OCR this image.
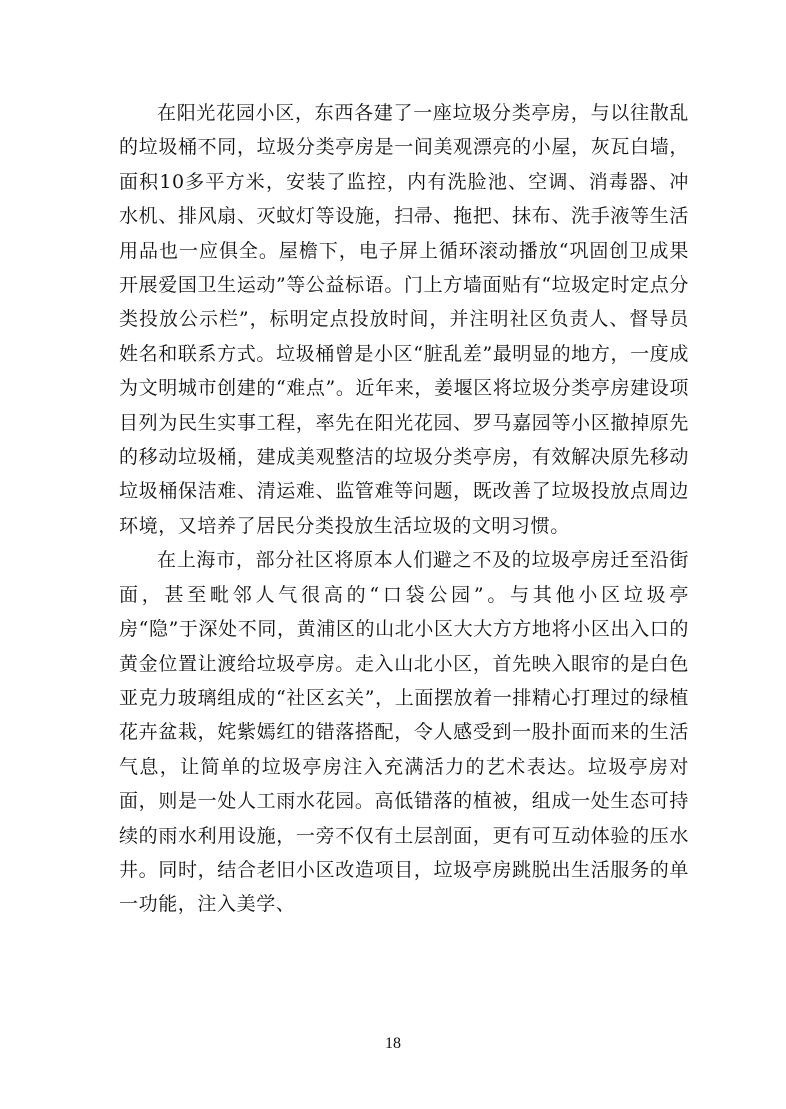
在阳光花园小区，东西各建了一座垃圾分类亭房，与以往散乱的垃圾桶不同，垃圾分类亭房是一间美观漂亮的小屋，灰瓦白墙，面积10多平方米，安装了监控，内有洗脸池、空调、消毒器、冲水机、排风扇、灭蚊灯等设施，扫帚、拖把、抹布、洗手液等生活用品也一应俱全。屋檐下，电子屏上循环滚动播放“巩固创卫成果开展爱国卫生运动”等公益标语。门上方墙面贴有“垃圾定时定点分类投放公示栏”，标明定点投放时间，并注明社区负责人、督导员姓名和联系方式。垃圾桶曾是小区“脏乱差”最明显的地方，一度成为文明城市创建的“难点”。近年来，姜堰区将垃圾分类亭房建设项目列为民生实事工程，率先在阳光花园、罗马嘉园等小区撤掉原先的移动垃圾桶，建成美观整洁的垃圾分类亭房，有效解决原先移动垃圾桶保洁难、清运难、监管难等问题，既改善了垃圾投放点周边环境，又培养了居民分类投放生活垃圾的文明习惯。

在上海市，部分社区将原本人们避之不及的垃圾亭房迁至沿街面，甚至毗邻人气很高的“口袋公园”。与其他小区垃圾亭房“隐”于深处不同，黄浦区的山北小区大大方方地将小区出入口的黄金位置让渡给垃圾亭房。走入山北小区，首先映入眼帘的是白色亚克力玻璃组成的“社区玄关”，上面摆放着一排精心打理过的绿植花卉盆栽，姹紫嫣红的错落搭配，令人感受到一股扑面而来的生活气息，让简单的垃圾亭房注入充满活力的艺术表达。垃圾亭房对面，则是一处人工雨水花园。高低错落的植被，组成一处生态可持续的雨水利用设施，一旁不仅有土层剖面，更有可互动体验的压水井。同时，结合老旧小区改造项目，垃圾亭房跳脱出生活服务的单一功能，注入美学、

18
